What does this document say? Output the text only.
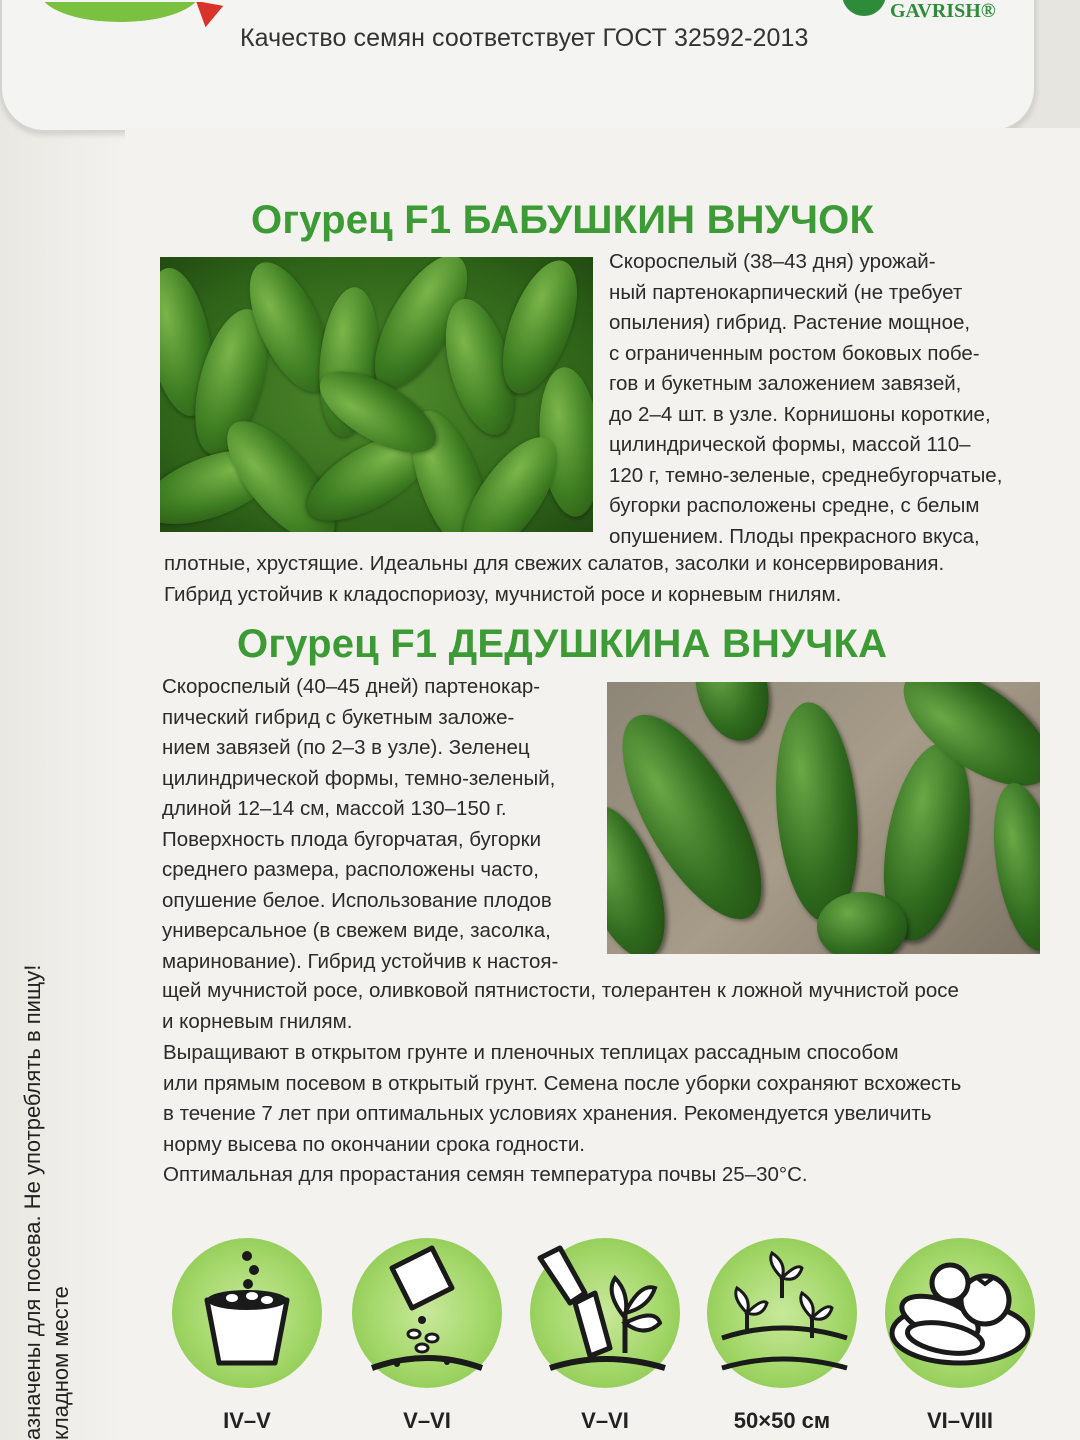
Качество семян соответствует ГОСТ 32592-2013
GAVRISH®
Огурец F1 БАБУШКИН ВНУЧОК
Скороспелый (38–43 дня) урожай-
ный партенокарпический (не требует
опыления) гибрид. Растение мощное,
с ограниченным ростом боковых побе-
гов и букетным заложением завязей,
до 2–4 шт. в узле. Корнишоны короткие,
цилиндрической формы, массой 110–
120 г, темно-зеленые, среднебугорчатые,
бугорки расположены средне, с белым
опушением. Плоды прекрасного вкуса,
плотные, хрустящие. Идеальны для свежих салатов, засолки и консервирования.
Гибрид устойчив к кладоспориозу, мучнистой росе и корневым гнилям.
Огурец F1 ДЕДУШКИНА ВНУЧКА
Скороспелый (40–45 дней) партенокар-
пический гибрид с букетным заложе-
нием завязей (по 2–3 в узле). Зеленец
цилиндрической формы, темно-зеленый,
длиной 12–14 см, массой 130–150 г.
Поверхность плода бугорчатая, бугорки
среднего размера, расположены часто,
опушение белое. Использование плодов
универсальное (в свежем виде, засолка,
маринование). Гибрид устойчив к настоя-
щей мучнистой росе, оливковой пятнистости, толерантен к ложной мучнистой росе
и корневым гнилям.
Выращивают в открытом грунте и пленочных теплицах рассадным способом
или прямым посевом в открытый грунт. Семена после уборки сохраняют всхожесть
в течение 7 лет при оптимальных условиях хранения. Рекомендуется увеличить
норму высева по окончании срока годности.
Оптимальная для прорастания семян температура почвы 25–30°С.
IV–V	V–VI	V–VI	50×50 см	VI–VIII
азначены для посева. Не употреблять в пищу! кладном месте
